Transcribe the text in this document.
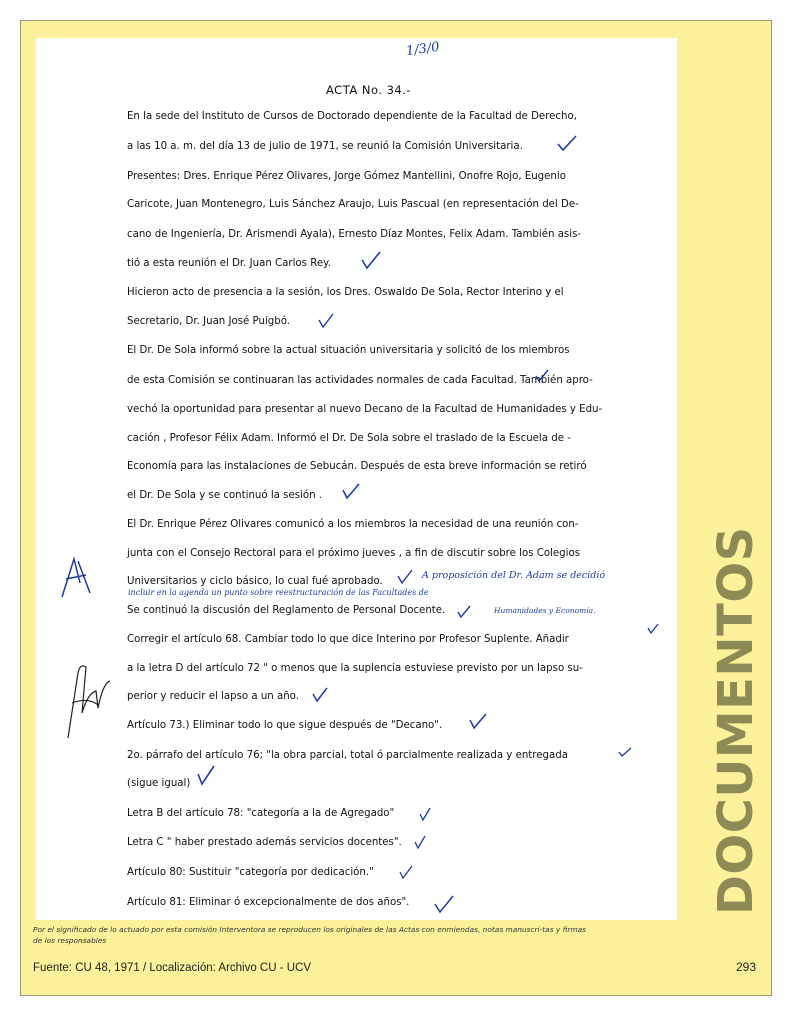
1/3/0
ACTA No. 34.-
En la sede del Instituto de Cursos de Doctorado dependiente de la Facultad de Derecho,
a las 10 a. m. del día 13 de julio de 1971, se reunió la Comisión Universitaria.
Presentes: Dres. Enrique Pérez Olivares, Jorge Gómez Mantellini, Onofre Rojo, Eugenio
Caricote, Juan Montenegro, Luis Sánchez Araujo, Luis Pascual (en representación del De-
cano de Ingeniería, Dr. Arismendi Ayala), Ernesto Díaz Montes, Felix Adam. También asis-
tió a esta reunión el Dr. Juan Carlos Rey.
Hicieron acto de presencia a la sesión, los Dres. Oswaldo De Sola, Rector Interino y el
Secretario, Dr. Juan José Puigbó.
El Dr. De Sola informó sobre la actual situación universitaria y solicitó de los miembros
de esta Comisión se continuaran las actividades normales de cada Facultad. También apro-
vechó la oportunidad para presentar al nuevo Decano de la Facultad de Humanidades y Edu-
cación , Profesor Félix Adam. Informó el Dr. De Sola sobre el traslado de la Escuela de -
Economía para las instalaciones de Sebucán. Después de esta breve información se retiró
el Dr. De Sola y se continuó la sesión .
El Dr. Enrique Pérez Olivares comunicó a los miembros la necesidad de una reunión con-
junta con el Consejo Rectoral para el próximo jueves , a fin de discutir sobre los Colegios
Universitarios y ciclo básico, lo cual fué aprobado.
Se continuó la discusión del Reglamento de Personal Docente.
Corregir el artículo 68. Cambiar todo lo que dice Interino por Profesor Suplente. Añadir
a la letra D del artículo 72 " o menos que la suplencia estuviese previsto por un lapso su-
perior y reducir el lapso a un año.
Artículo 73.) Eliminar todo lo que sigue después de "Decano".
2o. párrafo del artículo 76; "la obra parcial, total ó parcialmente realizada y entregada
(sigue igual)
Letra B del artículo 78: "categoría a la de Agregado"
Letra C " haber prestado además servicios docentes".
Artículo 80: Sustituir "categoría por dedicación."
Artículo 81: Eliminar ó excepcionalmente de dos años".
A proposición del Dr. Adam se decidió
incluir en la agenda un punto sobre reestructuración de las Facultades de
Humanidades y Economía. DOCUMENTOS
Por el significado de lo actuado por esta comisión Interventora se reproducen los originales de las Actas con enmiendas, notas manuscri-tas y firmas de los responsables
Fuente: CU 48, 1971 / Localización: Archivo CU - UCV	293
